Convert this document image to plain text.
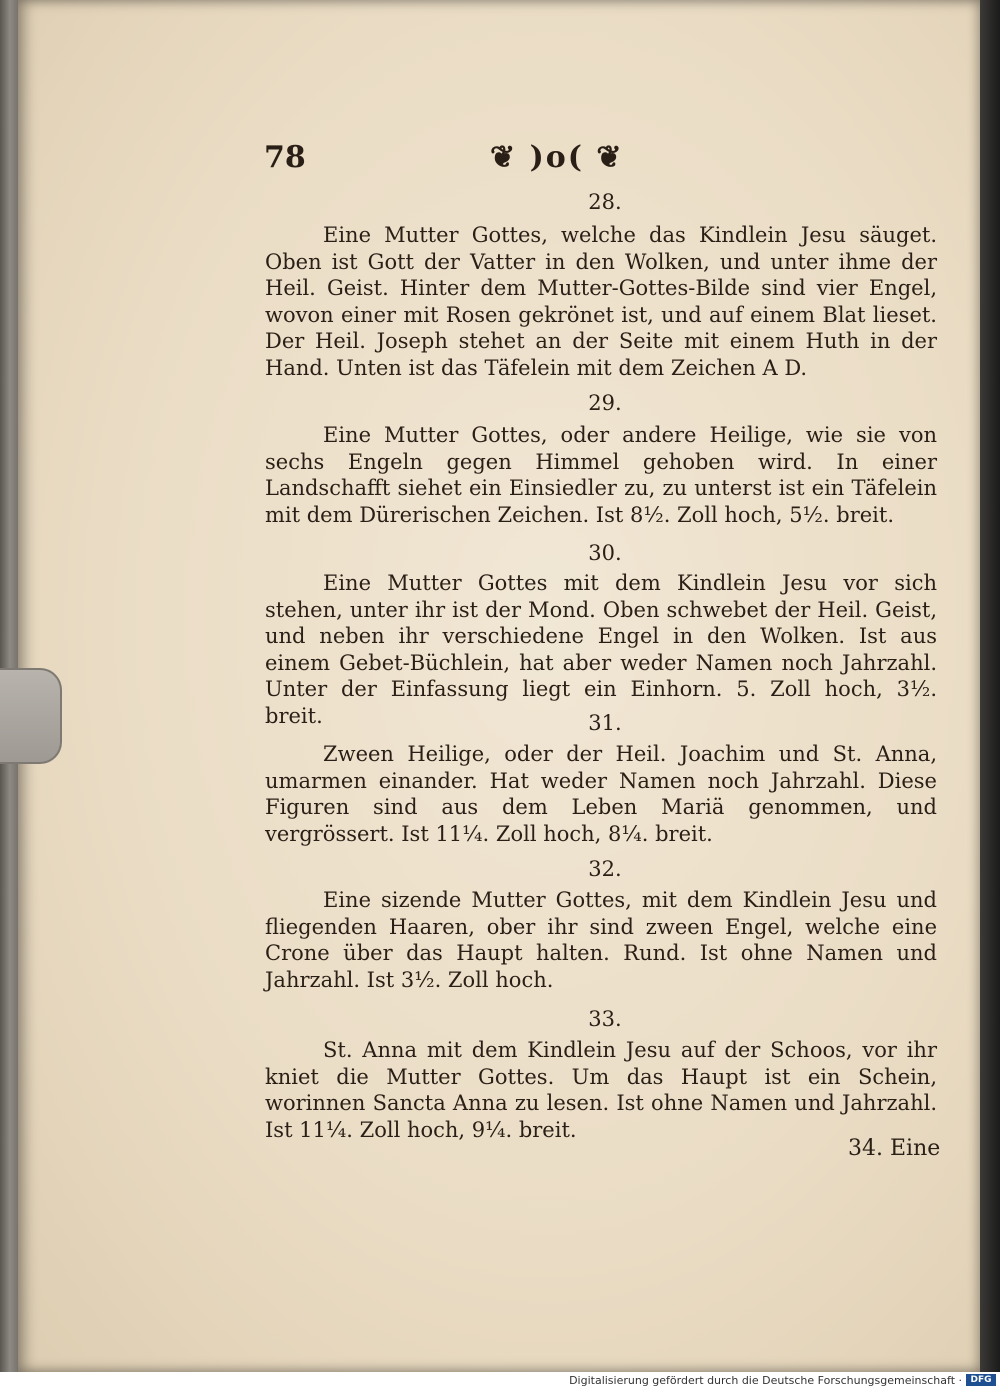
78	❦ )o( ❦
28.
Eine Mutter Gottes, welche das Kindlein Jesu säuget. Oben ist Gott der Vatter in den Wolken, und unter ihme der Heil. Geist. Hinter dem Mutter-Gottes-Bilde sind vier Engel, wovon einer mit Rosen gekrönet ist, und auf einem Blat lieset. Der Heil. Joseph stehet an der Seite mit einem Huth in der Hand. Unten ist das Täfelein mit dem Zeichen A D.
29.
Eine Mutter Gottes, oder andere Heilige, wie sie von sechs Engeln gegen Himmel gehoben wird. In einer Landschafft siehet ein Einsiedler zu, zu unterst ist ein Täfelein mit dem Dürerischen Zeichen. Ist 8½. Zoll hoch, 5½. breit.
30.
Eine Mutter Gottes mit dem Kindlein Jesu vor sich stehen, unter ihr ist der Mond. Oben schwebet der Heil. Geist, und neben ihr verschiedene Engel in den Wolken. Ist aus einem Gebet-Büchlein, hat aber weder Namen noch Jahrzahl. Unter der Einfassung liegt ein Einhorn. 5. Zoll hoch, 3½. breit.	31.
Zween Heilige, oder der Heil. Joachim und St. Anna, umarmen einander. Hat weder Namen noch Jahrzahl. Diese Figuren sind aus dem Leben Mariä genommen, und vergrössert. Ist 11¼. Zoll hoch, 8¼. breit.
32.
Eine sizende Mutter Gottes, mit dem Kindlein Jesu und fliegenden Haaren, ober ihr sind zween Engel, welche eine Crone über das Haupt halten. Rund. Ist ohne Namen und Jahrzahl. Ist 3½. Zoll hoch.
33.
St. Anna mit dem Kindlein Jesu auf der Schoos, vor ihr kniet die Mutter Gottes. Um das Haupt ist ein Schein, worinnen Sancta Anna zu lesen. Ist ohne Namen und Jahrzahl. Ist 11¼. Zoll hoch, 9¼. breit.
34. Eine
Digitalisierung gefördert durch die Deutsche Forschungsgemeinschaft · DFG
